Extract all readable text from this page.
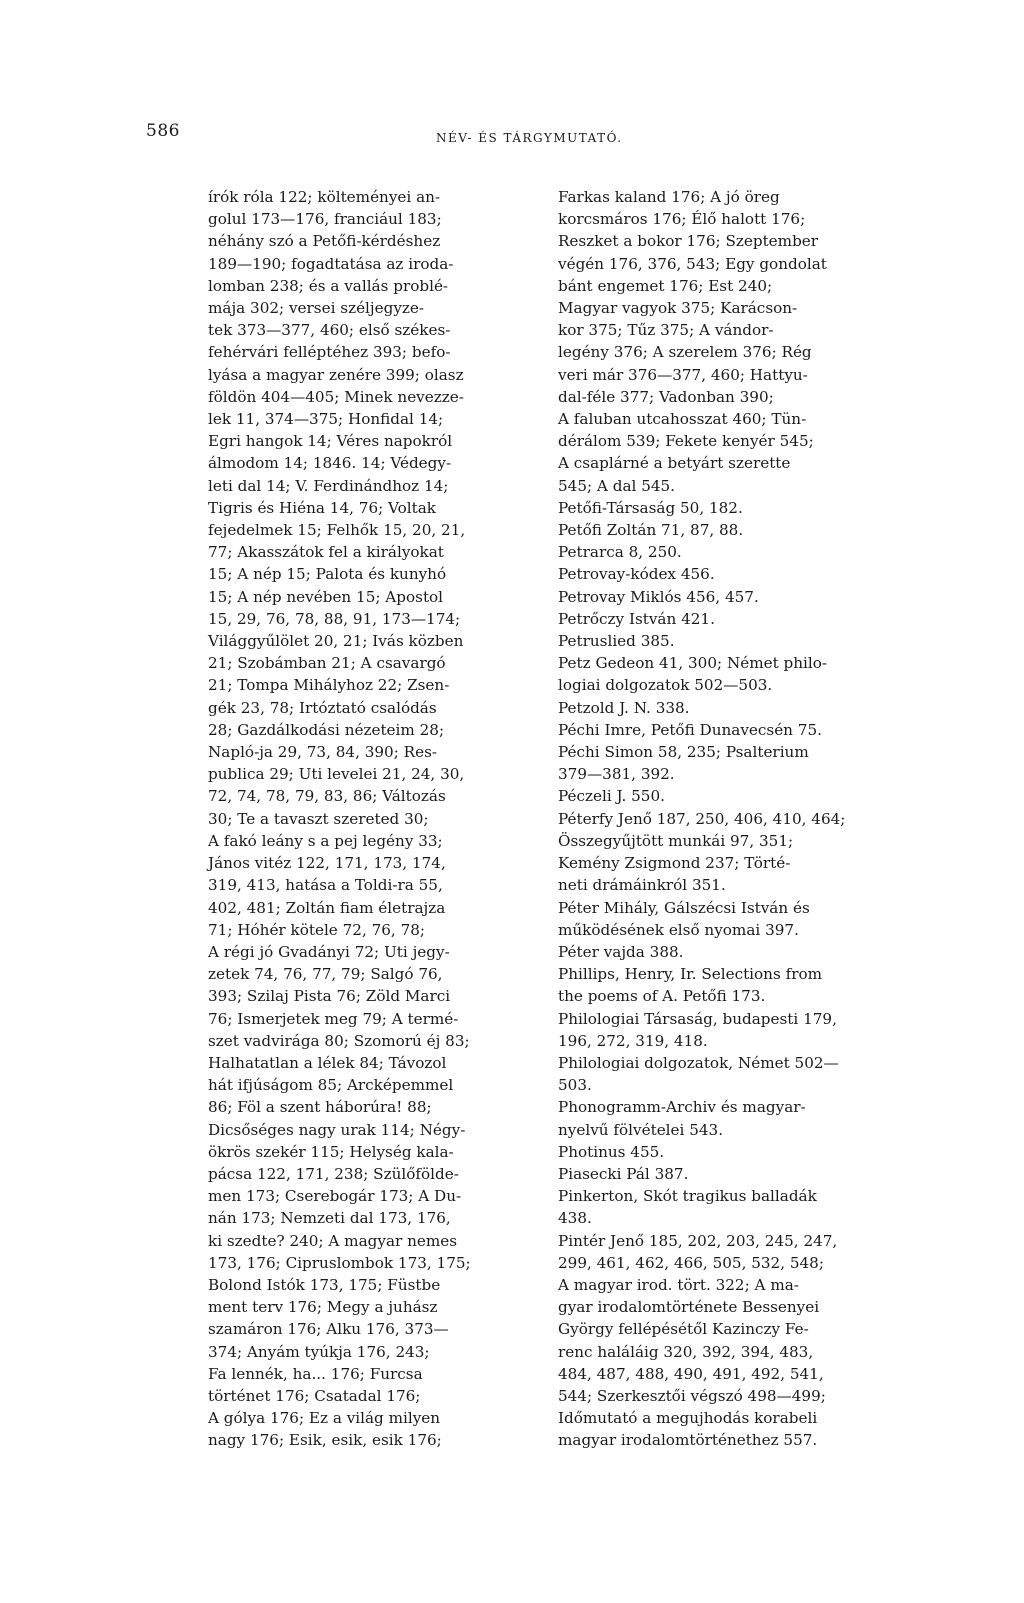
586	NÉV- ÉS TÁRGYMUTATÓ.
írók róla 122; költeményei an-
golul 173—176, franciául 183;
néhány szó a Petőfi-kérdéshez
189—190; fogadtatása az iroda-
lomban 238; és a vallás problé-
mája 302; versei széljegyze-
tek 373—377, 460; első székes-
fehérvári felléptéhez 393; befo-
lyása a magyar zenére 399; olasz
földön 404—405; Minek nevezze-
lek 11, 374—375; Honfidal 14;
Egri hangok 14; Véres napokról
álmodom 14; 1846. 14; Védegy-
leti dal 14; V. Ferdinándhoz 14;
Tigris és Hiéna 14, 76; Voltak
fejedelmek 15; Felhők 15, 20, 21,
77; Akasszátok fel a királyokat
15; A nép 15; Palota és kunyhó
15; A nép nevében 15; Apostol
15, 29, 76, 78, 88, 91, 173—174;
Világgyűlölet 20, 21; Ivás közben
21; Szobámban 21; A csavargó
21; Tompa Mihályhoz 22; Zsen-
gék 23, 78; Irtóztató csalódás
28; Gazdálkodási nézeteim 28;
Napló-ja 29, 73, 84, 390; Res-
publica 29; Uti levelei 21, 24, 30,
72, 74, 78, 79, 83, 86; Változás
30; Te a tavaszt szereted 30;
A fakó leány s a pej legény 33;
János vitéz 122, 171, 173, 174,
319, 413, hatása a Toldi-ra 55,
402, 481; Zoltán fiam életrajza
71; Hóhér kötele 72, 76, 78;
A régi jó Gvadányi 72; Uti jegy-
zetek 74, 76, 77, 79; Salgó 76,
393; Szilaj Pista 76; Zöld Marci
76; Ismerjetek meg 79; A termé-
szet vadvirága 80; Szomorú éj 83;
Halhatatlan a lélek 84; Távozol
hát ifjúságom 85; Arcképemmel
86; Föl a szent háborúra! 88;
Dicsőséges nagy urak 114; Négy-
ökrös szekér 115; Helység kala-
pácsa 122, 171, 238; Szülőfölde-
men 173; Cserebogár 173; A Du-
nán 173; Nemzeti dal 173, 176,
ki szedte? 240; A magyar nemes
173, 176; Cipruslombok 173, 175;
Bolond Istók 173, 175; Füstbe
ment terv 176; Megy a juhász
szamáron 176; Alku 176, 373—
374; Anyám tyúkja 176, 243;
Fa lennék, ha... 176; Furcsa
történet 176; Csatadal 176;
A gólya 176; Ez a világ milyen
nagy 176; Esik, esik, esik 176;
Farkas kaland 176; A jó öreg
korcsmáros 176; Élő halott 176;
Reszket a bokor 176; Szeptember
végén 176, 376, 543; Egy gondolat
bánt engemet 176; Est 240;
Magyar vagyok 375; Karácson-
kor 375; Tűz 375; A vándor-
legény 376; A szerelem 376; Rég
veri már 376—377, 460; Hattyu-
dal-féle 377; Vadonban 390;
A faluban utcahosszat 460; Tün-
dérálom 539; Fekete kenyér 545;
A csaplárné a betyárt szerette
545; A dal 545.
Petőfi-Társaság 50, 182.
Petőfi Zoltán 71, 87, 88.
Petrarca 8, 250.
Petrovay-kódex 456.
Petrovay Miklós 456, 457.
Petrőczy István 421.
Petruslied 385.
Petz Gedeon 41, 300; Német philo-
logiai dolgozatok 502—503.
Petzold J. N. 338.
Péchi Imre, Petőfi Dunavecsén 75.
Péchi Simon 58, 235; Psalterium
379—381, 392.
Péczeli J. 550.
Péterfy Jenő 187, 250, 406, 410, 464;
Összegyűjtött munkái 97, 351;
Kemény Zsigmond 237; Törté-
neti drámáinkról 351.
Péter Mihály, Gálszécsi István és
működésének első nyomai 397.
Péter vajda 388.
Phillips, Henry, Ir. Selections from
the poems of A. Petőfi 173.
Philologiai Társaság, budapesti 179,
196, 272, 319, 418.
Philologiai dolgozatok, Német 502—
503.
Phonogramm-Archiv és magyar-
nyelvű fölvételei 543.
Photinus 455.
Piasecki Pál 387.
Pinkerton, Skót tragikus balladák
438.
Pintér Jenő 185, 202, 203, 245, 247,
299, 461, 462, 466, 505, 532, 548;
A magyar irod. tört. 322; A ma-
gyar irodalomtörténete Bessenyei
György fellépésétől Kazinczy Fe-
renc haláláig 320, 392, 394, 483,
484, 487, 488, 490, 491, 492, 541,
544; Szerkesztői végszó 498—499;
Időmutató a megujhodás korabeli
magyar irodalomtörténethez 557.
